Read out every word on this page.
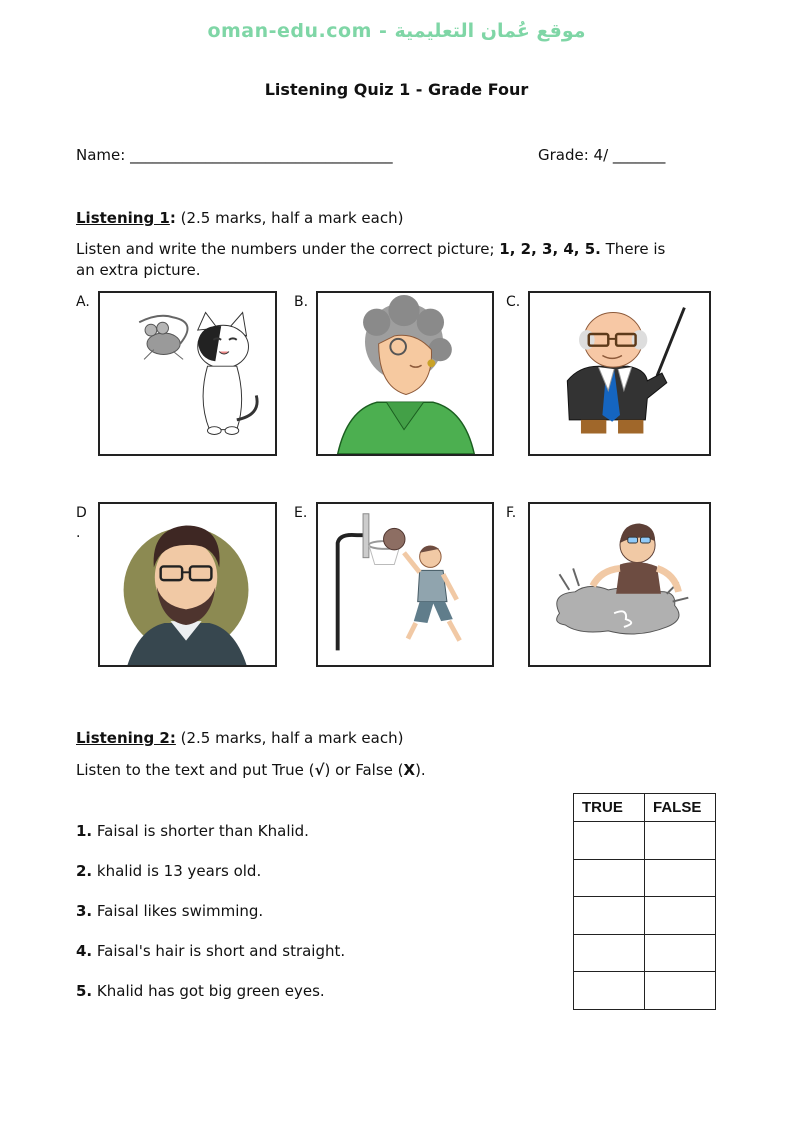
oman-edu.com - موقع عُمان التعليمية
Listening Quiz 1 - Grade Four
Name: ___________________________________	Grade: 4/ _______
Listening 1: (2.5 marks, half a mark each)
Listen and write the numbers under the correct picture; 1, 2, 3, 4, 5. There is
an extra picture.
A.	B.	C.
D
.
E.	F.
Listening 2: (2.5 marks, half a mark each)
Listen to the text and put True (√) or False (X).
1. Faisal is shorter than Khalid.
2. khalid is 13 years old.
3. Faisal likes swimming.
4. Faisal's hair is short and straight.
5. Khalid has got big green eyes.
TRUE	FALSE
